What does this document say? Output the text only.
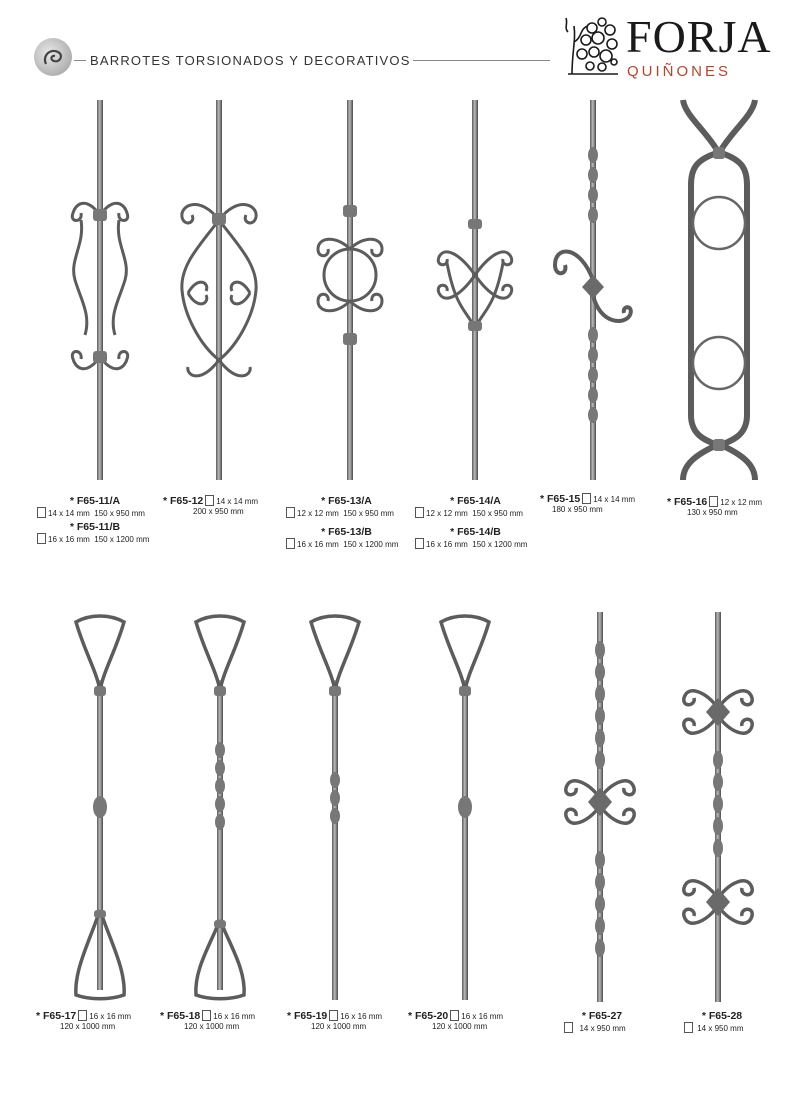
BARROTES TORSIONADOS Y DECORATIVOS	FORJA
QUIÑONES
* F65-11/A
14 x 14 mm 150 x 950 mm
* F65-11/B
16 x 16 mm 150 x 1200 mm
* F65-12 14 x 14 mm
200 x 950 mm
* F65-13/A
12 x 12 mm 150 x 950 mm
* F65-13/B
16 x 16 mm 150 x 1200 mm
* F65-14/A
12 x 12 mm 150 x 950 mm
* F65-14/B
16 x 16 mm 150 x 1200 mm
* F65-15 14 x 14 mm
180 x 950 mm
* F65-16 12 x 12 mm
130 x 950 mm
* F65-17 16 x 16 mm
120 x 1000 mm
* F65-18 16 x 16 mm
120 x 1000 mm
* F65-19 16 x 16 mm
120 x 1000 mm
* F65-20 16 x 16 mm
120 x 1000 mm
* F65-27
14 x 950 mm
* F65-28
14 x 950 mm
